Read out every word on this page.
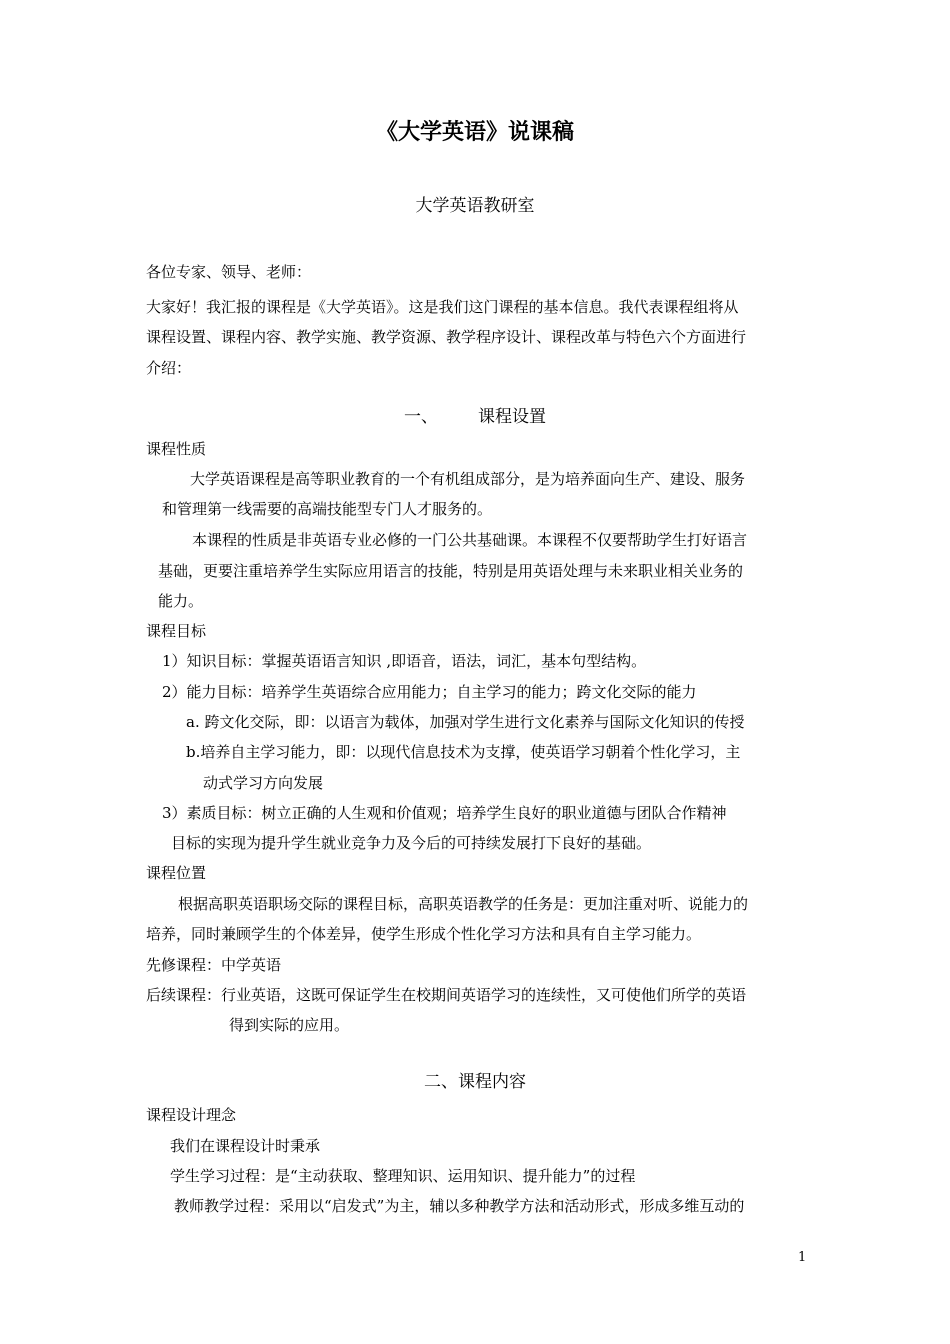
《大学英语》说课稿
大学英语教研室
各位专家、领导、老师：
大家好！我汇报的课程是《大学英语》。这是我们这门课程的基本信息。我代表课程组将从
课程设置、课程内容、教学实施、教学资源、教学程序设计、课程改革与特色六个方面进行
介绍：
一、 课程设置
课程性质
大学英语课程是高等职业教育的一个有机组成部分，是为培养面向生产、建设、服务
和管理第一线需要的高端技能型专门人才服务的。
本课程的性质是非英语专业必修的一门公共基础课。本课程不仅要帮助学生打好语言
基础，更要注重培养学生实际应用语言的技能，特别是用英语处理与未来职业相关业务的
能力。
课程目标
1）知识目标：掌握英语语言知识 ,即语音，语法，词汇，基本句型结构。
2）能力目标：培养学生英语综合应用能力；自主学习的能力；跨文化交际的能力
a. 跨文化交际，即：以语言为载体，加强对学生进行文化素养与国际文化知识的传授
b.培养自主学习能力，即：以现代信息技术为支撑，使英语学习朝着个性化学习，主
动式学习方向发展
3）素质目标：树立正确的人生观和价值观；培养学生良好的职业道德与团队合作精神
目标的实现为提升学生就业竞争力及今后的可持续发展打下良好的基础。
课程位置
根据高职英语职场交际的课程目标，高职英语教学的任务是：更加注重对听、说能力的
培养，同时兼顾学生的个体差异，使学生形成个性化学习方法和具有自主学习能力。
先修课程：中学英语
后续课程：行业英语，这既可保证学生在校期间英语学习的连续性，又可使他们所学的英语
得到实际的应用。
二、课程内容
课程设计理念
我们在课程设计时秉承
学生学习过程：是“主动获取、整理知识、运用知识、提升能力”的过程
教师教学过程：采用以“启发式”为主，辅以多种教学方法和活动形式，形成多维互动的
1
